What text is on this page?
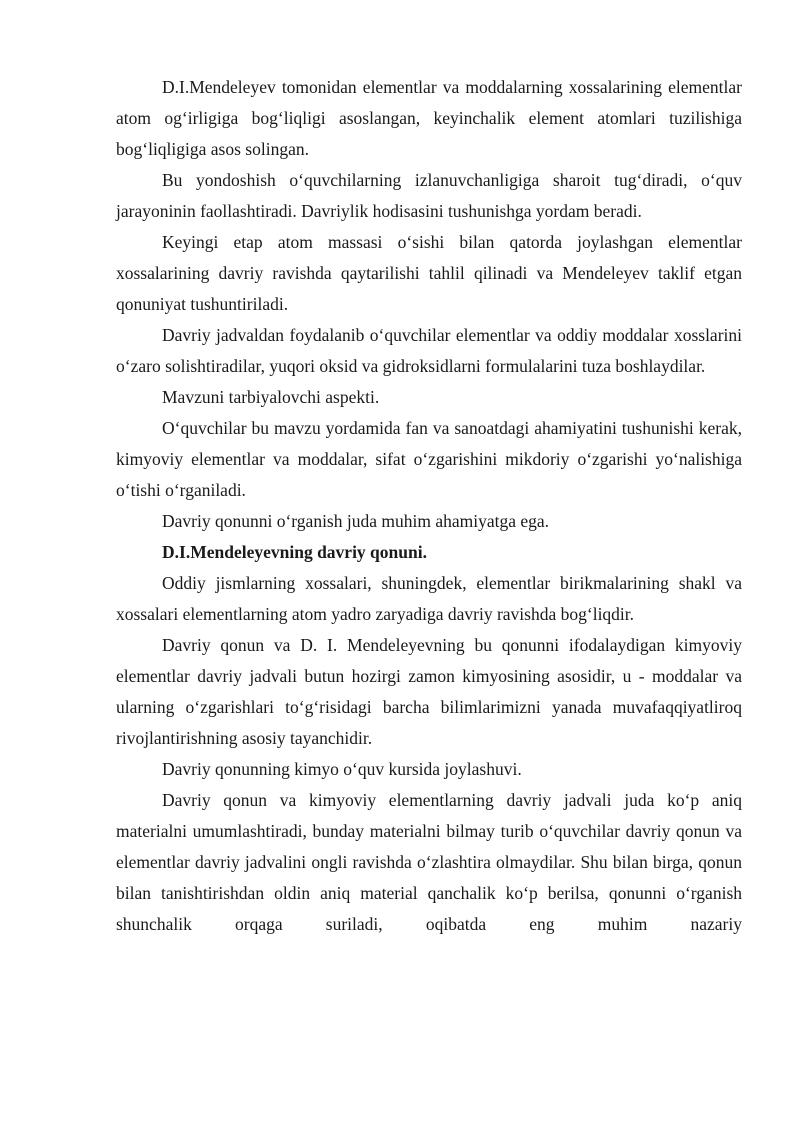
D.I.Mendeleyev tomonidan elementlar va moddalarning xossalarining elementlar atom og‘irligiga bog‘liqligi asoslangan, keyinchalik element atomlari tuzilishiga bog‘liqligiga asos solingan.

Bu yondoshish o‘quvchilarning izlanuvchanligiga sharoit tug‘diradi, o‘quv jarayoninin faollashtiradi. Davriylik hodisasini tushunishga yordam beradi.

Keyingi etap atom massasi o‘sishi bilan qatorda joylashgan elementlar xossalarining davriy ravishda qaytarilishi tahlil qilinadi va Mendeleyev taklif etgan qonuniyat tushuntiriladi.

Davriy jadvaldan foydalanib o‘quvchilar elementlar va oddiy moddalar xosslarini o‘zaro solishtiradilar, yuqori oksid va gidroksidlarni formulalarini tuza boshlaydilar.

Mavzuni tarbiyalovchi aspekti.

O‘quvchilar bu mavzu yordamida fan va sanoatdagi ahamiyatini tushunishi kerak, kimyoviy elementlar va moddalar, sifat o‘zgarishini mikdoriy o‘zgarishi yo‘nalishiga o‘tishi o‘rganiladi.

Davriy qonunni o‘rganish juda muhim ahamiyatga ega.

D.I.Mendeleyevning davriy qonuni.

Oddiy jismlarning xossalari, shuningdek, elementlar birikmalarining shakl va xossalari elementlarning atom yadro zaryadiga davriy ravishda bog‘liqdir.

Davriy qonun va D. I. Mendeleyevning bu qonunni ifodalaydigan kimyoviy elementlar davriy jadvali butun hozirgi zamon kimyosining asosidir, u - moddalar va ularning o‘zgarishlari to‘g‘risidagi barcha bilimlarimizni yanada muvafaqqiyatliroq rivojlantirishning asosiy tayanchidir.

Davriy qonunning kimyo o‘quv kursida joylashuvi.

Davriy qonun va kimyoviy elementlarning davriy jadvali juda ko‘p aniq materialni umumlashtiradi, bunday materialni bilmay turib o‘quvchilar davriy qonun va elementlar davriy jadvalini ongli ravishda o‘zlashtira olmaydilar. Shu bilan birga, qonun bilan tanishtirishdan oldin aniq material qanchalik ko‘p berilsa, qonunni o‘rganish shunchalik orqaga suriladi, oqibatda eng muhim nazariy
